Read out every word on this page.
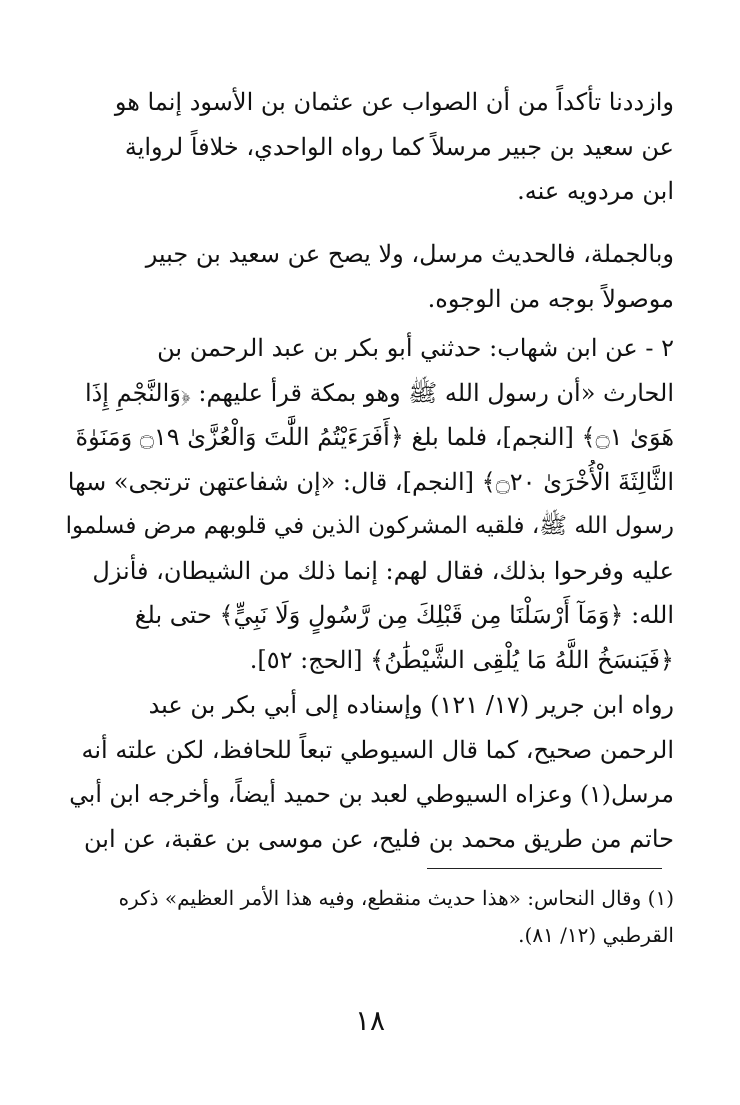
وازددنا تأكداً من أن الصواب عن عثمان بن الأسود إنما هو
عن سعيد بن جبير مرسلاً كما رواه الواحدي، خلافاً لرواية
ابن مردويه عنه.
وبالجملة، فالحديث مرسل، ولا يصح عن سعيد بن جبير
موصولاً بوجه من الوجوه.
٢ - عن ابن شهاب: حدثني أبو بكر بن عبد الرحمن بن
الحارث «أن رسول الله ﷺ وهو بمكة قرأ عليهم: ﴿وَالنَّجْمِ إِذَا
هَوَىٰ ۝١﴾ [النجم]، فلما بلغ ﴿أَفَرَءَيْتُمُ اللَّٰتَ وَالْعُزَّىٰ ۝١٩ وَمَنَوٰةَ
الثَّالِثَةَ الْأُخْرَىٰ ۝٢٠﴾ [النجم]، قال: «إن شفاعتهن ترتجى» سها
رسول الله ﷺ، فلقيه المشركون الذين في قلوبهم مرض فسلموا
عليه وفرحوا بذلك، فقال لهم: إنما ذلك من الشيطان، فأنزل
الله: ﴿وَمَآ أَرْسَلْنَا مِن قَبْلِكَ مِن رَّسُولٍ وَلَا نَبِيٍّ﴾ حتى بلغ
﴿فَيَنسَخُ اللَّهُ مَا يُلْقِى الشَّيْطَٰنُ﴾ [الحج: ٥٢].
رواه ابن جرير (١٧/ ١٢١) وإسناده إلى أبي بكر بن عبد
الرحمن صحيح، كما قال السيوطي تبعاً للحافظ، لكن علته أنه
مرسل(١) وعزاه السيوطي لعبد بن حميد أيضاً، وأخرجه ابن أبي
حاتم من طريق محمد بن فليح، عن موسى بن عقبة، عن ابن
(١) وقال النحاس: «هذا حديث منقطع، وفيه هذا الأمر العظيم» ذكره
القرطبي (١٢/ ٨١).
١٨
